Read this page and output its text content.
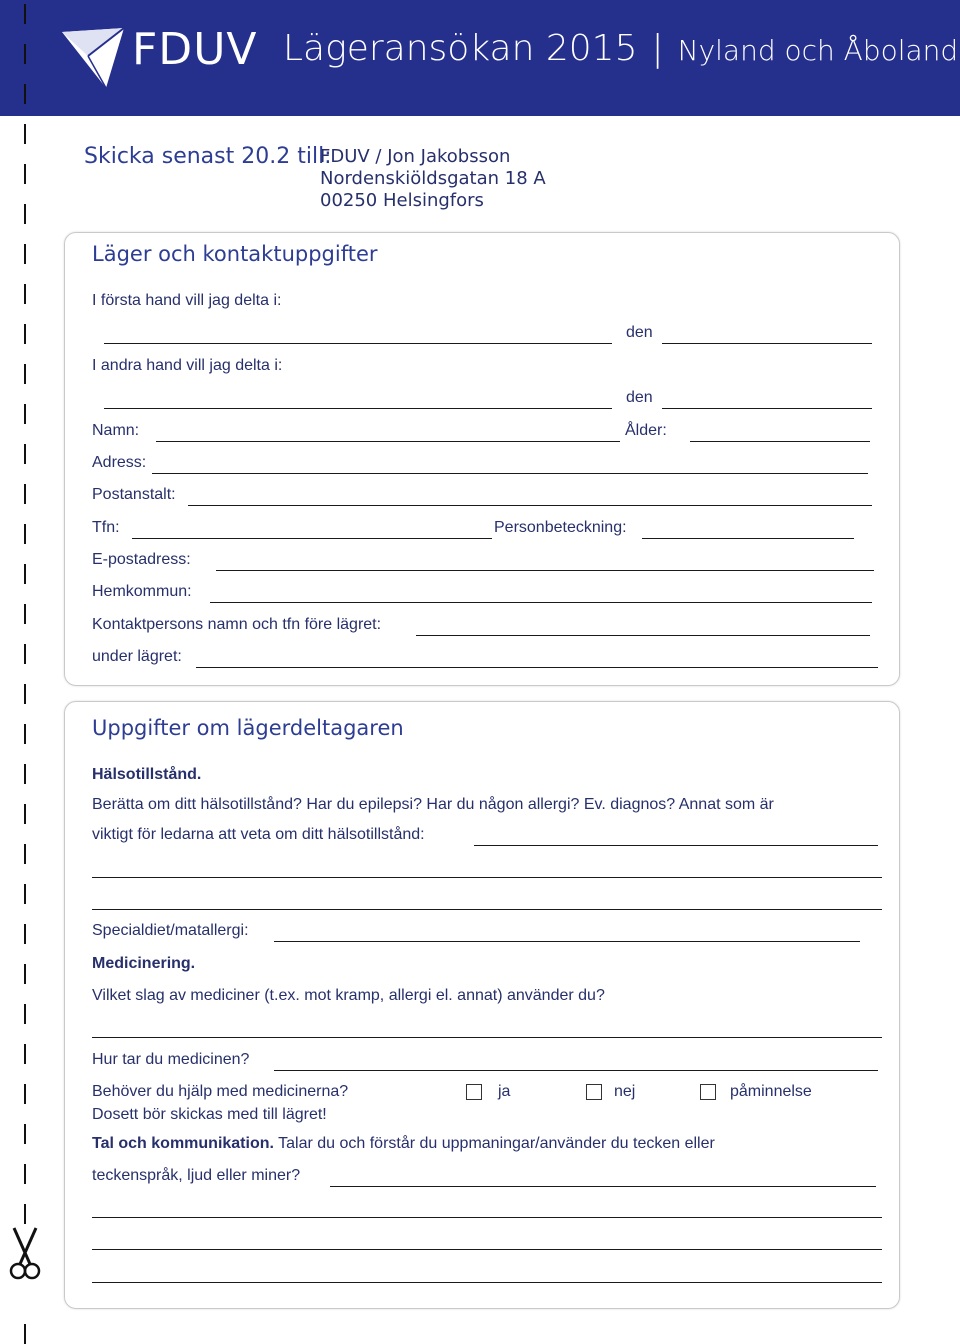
FDUV Lägeransökan 2015 | Nyland och Åboland
Skicka senast 20.2 till:
FDUV / Jon Jakobsson
Nordenskiöldsgatan 18 A
00250 Helsingfors
Läger och kontaktuppgifter
I första hand vill jag delta i:
den
I andra hand vill jag delta i:
den
Namn:	Ålder:
Adress:
Postanstalt:
Tfn:	Personbeteckning:
E-postadress:
Hemkommun:
Kontaktpersons namn och tfn före lägret:
under lägret:
Uppgifter om lägerdeltagaren
Hälsotillstånd.
Berätta om ditt hälsotillstånd? Har du epilepsi? Har du någon allergi? Ev. diagnos? Annat som är
viktigt för ledarna att veta om ditt hälsotillstånd:
Specialdiet/matallergi:
Medicinering.
Vilket slag av mediciner (t.ex. mot kramp, allergi el. annat) använder du?
Hur tar du medicinen?
Behöver du hjälp med medicinerna?	ja	nej	påminnelse
Dosett bör skickas med till lägret!
Tal och kommunikation. Talar du och förstår du uppmaningar/använder du tecken eller
teckenspråk, ljud eller miner?
